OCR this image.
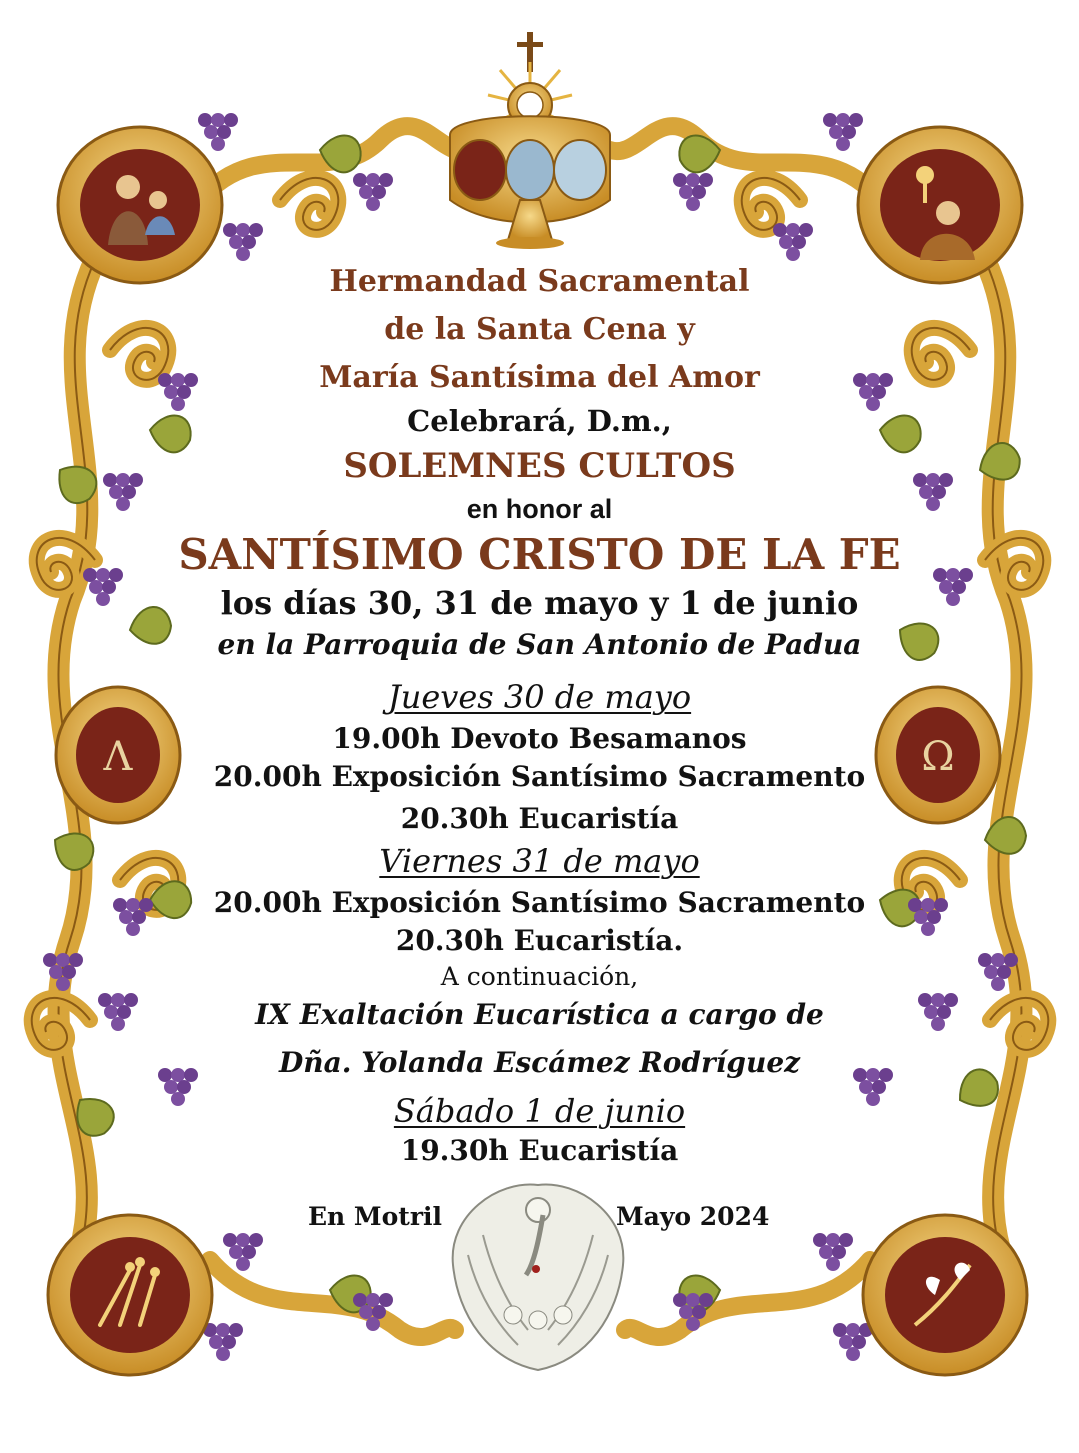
Λ	Ω
Hermandad Sacramental
de la Santa Cena y
María Santísima del Amor
Celebrará, D.m.,
SOLEMNES CULTOS
en honor al
SANTÍSIMO CRISTO DE LA FE
los días 30, 31 de mayo y 1 de junio
en la Parroquia de San Antonio de Padua
Jueves 30 de mayo
19.00h Devoto Besamanos
20.00h Exposición Santísimo Sacramento
20.30h Eucaristía
Viernes 31 de mayo
20.00h Exposición Santísimo Sacramento
20.30h Eucaristía.
A continuación,
IX Exaltación Eucarística a cargo de
Dña. Yolanda Escámez Rodríguez
Sábado 1 de junio
19.30h Eucaristía
En Motril	Mayo 2024
